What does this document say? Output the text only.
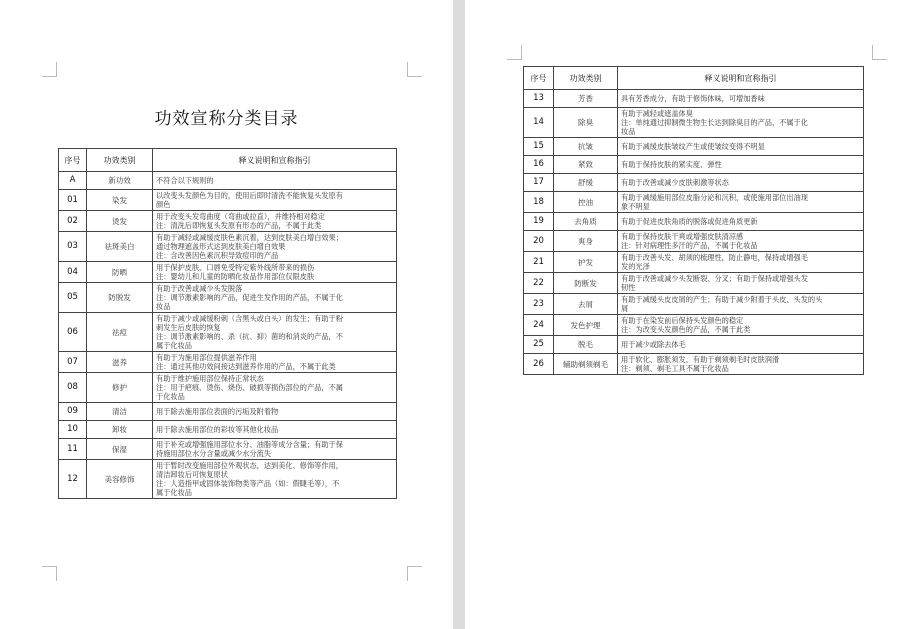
功效宣称分类目录
序号	功效类别	释义说明和宣称指引
A	新功效	不符合以下规则的

01	染发	以改变头发颜色为目的，使用后即时清洗不能恢复头发原有
颜色

02	烫发	用于改变头发弯曲度（弯曲或拉直），并维持相对稳定
注：清洗后即恢复头发原有形态的产品，不属于此类

03	祛斑美白	有助于减轻或减缓皮肤色素沉着，达到皮肤美白增白效果；
通过物理遮盖形式达到皮肤美白增白效果
注：含改善因色素沉积导致痘印的产品

04	防晒	用于保护皮肤、口唇免受特定紫外线所带来的损伤
注：婴幼儿和儿童的防晒化妆品作用部位仅限皮肤

05	防脱发	有助于改善或减少头发脱落
注：调节激素影响的产品，促进生发作用的产品，不属于化
妆品

06	祛痘	有助于减少或减缓粉刺（含黑头或白头）的发生；有助于粉
刺发生后皮肤的恢复
注：调节激素影响的、杀（抗、抑）菌的和消炎的产品，不
属于化妆品

07	滋养	有助于为施用部位提供滋养作用
注：通过其他功效间接达到滋养作用的产品，不属于此类

08	修护	有助于维护施用部位保持正常状态
注：用于疤痕、烫伤、烧伤、破损等损伤部位的产品，不属
于化妆品

09	清洁	用于除去施用部位表面的污垢及附着物

10	卸妆	用于除去施用部位的彩妆等其他化妆品

11	保湿	用于补充或增强施用部位水分、油脂等成分含量；有助于保
持施用部位水分含量或减少水分流失

12	美容修饰	用于暂时改变施用部位外观状态，达到美化、修饰等作用，
清洁卸妆后可恢复原状
注：人造指甲或固体装饰物类等产品（如：假睫毛等），不
属于化妆品
序号	功效类别	释义说明和宣称指引
13	芳香	具有芳香成分，有助于修饰体味，可增加香味

14	除臭	有助于减轻或遮盖体臭
注：单纯通过抑制微生物生长达到除臭目的产品，不属于化
妆品

15	抗皱	有助于减缓皮肤皱纹产生或使皱纹变得不明显

16	紧致	有助于保持皮肤的紧实度、弹性

17	舒缓	有助于改善或减少皮肤刺激等状态

18	控油	有助于减缓施用部位皮脂分泌和沉积，或使施用部位出油现
象不明显

19	去角质	有助于促进皮肤角质的脱落或促进角质更新

20	爽身	有助于保持皮肤干爽或增强皮肤清凉感
注：针对病理性多汗的产品，不属于化妆品

21	护发	有助于改善头发、胡须的梳理性，防止静电，保持或增强毛
发的光泽

22	防断发	有助于改善或减少头发断裂、分叉；有助于保持或增强头发
韧性

23	去屑	有助于减缓头皮皮屑的产生；有助于减少附着于头皮、头发的头
屑

24	发色护理	有助于在染发前后保持头发颜色的稳定
注：为改变头发颜色的产品，不属于此类

25	脱毛	用于减少或除去体毛

26	辅助剃须剃毛	用于软化、膨胀须发，有助于剃须剃毛时皮肤润滑
注：剃须、剃毛工具不属于化妆品
